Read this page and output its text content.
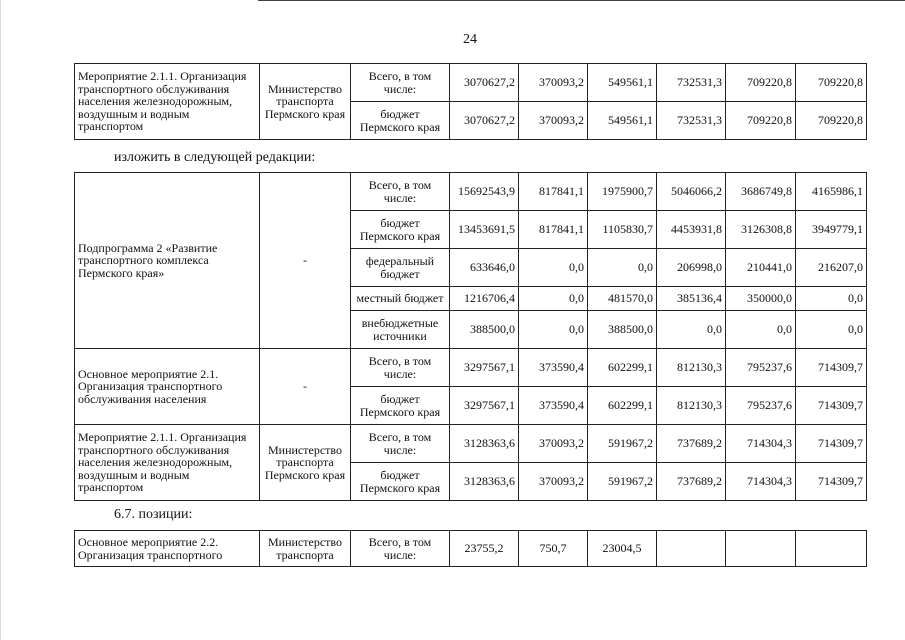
24
Мероприятие 2.1.1. Организация транспортного обслуживания населения железнодорожным, воздушным и водным транспортом	Министерство транспорта Пермского края	Всего, в том числе:	3070627,2	370093,2	549561,1	732531,3	709220,8	709220,8
		бюджет Пермского края	3070627,2	370093,2	549561,1	732531,3	709220,8	709220,8
изложить в следующей редакции:
Подпрограмма 2 «Развитие транспортного комплекса Пермского края»	-	Всего, в том числе:	15692543,9	817841,1	1975900,7	5046066,2	3686749,8	4165986,1
		бюджет Пермского края	13453691,5	817841,1	1105830,7	4453931,8	3126308,8	3949779,1
		федеральный бюджет	633646,0	0,0	0,0	206998,0	210441,0	216207,0
		местный бюджет	1216706,4	0,0	481570,0	385136,4	350000,0	0,0
		внебюджетные источники	388500,0	0,0	388500,0	0,0	0,0	0,0
Основное мероприятие 2.1. Организация транспортного обслуживания населения	-	Всего, в том числе:	3297567,1	373590,4	602299,1	812130,3	795237,6	714309,7
		бюджет Пермского края	3297567,1	373590,4	602299,1	812130,3	795237,6	714309,7
Мероприятие 2.1.1. Организация транспортного обслуживания населения железнодорожным, воздушным и водным транспортом	Министерство транспорта Пермского края	Всего, в том числе:	3128363,6	370093,2	591967,2	737689,2	714304,3	714309,7
		бюджет Пермского края	3128363,6	370093,2	591967,2	737689,2	714304,3	714309,7
6.7. позиции:
Основное мероприятие 2.2. Организация транспортного	Министерство транспорта	Всего, в том числе:	23755,2	750,7	23004,5			
